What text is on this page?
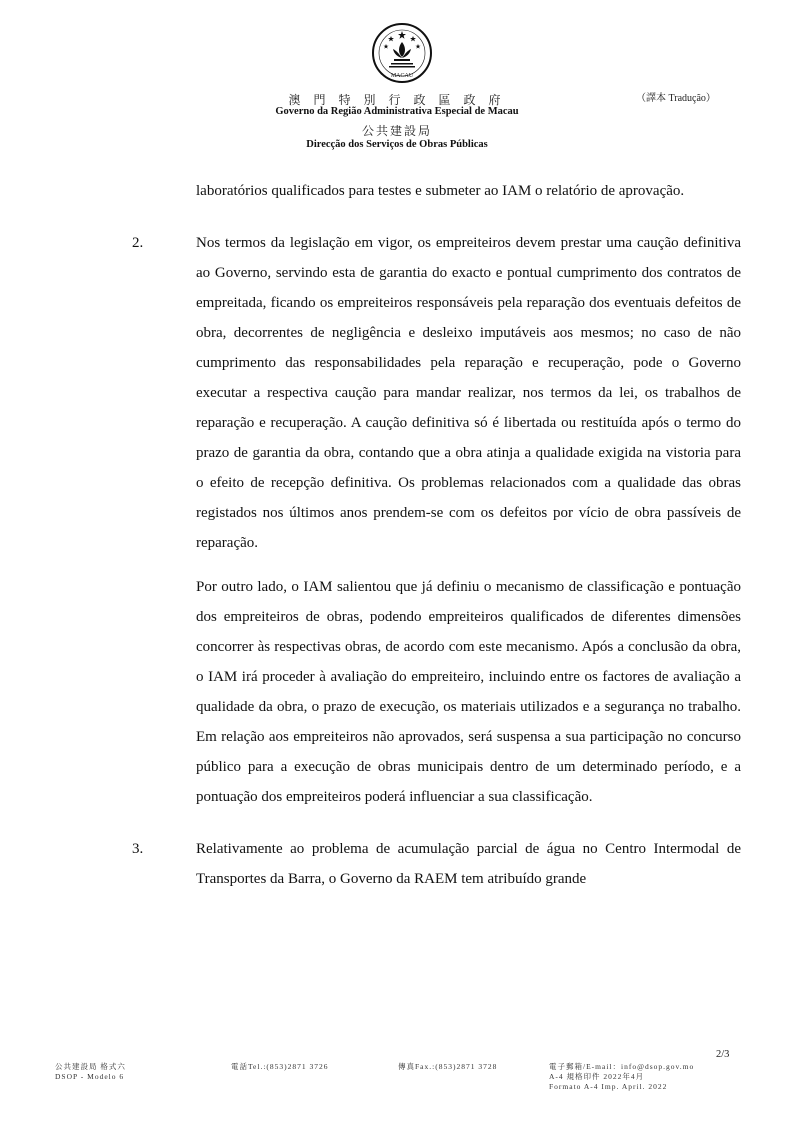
MACAU
澳 門 特 別 行 政 區 政 府
Governo da Região Administrativa Especial de Macau
公共建設局
Direcção dos Serviços de Obras Públicas
（譯本 Tradução）

laboratórios qualificados para testes e submeter ao IAM o relatório de aprovação.

2.	Nos termos da legislação em vigor, os empreiteiros devem prestar uma caução definitiva ao Governo, servindo esta de garantia do exacto e pontual cumprimento dos contratos de empreitada, ficando os empreiteiros responsáveis pela reparação dos eventuais defeitos de obra, decorrentes de negligência e desleixo imputáveis aos mesmos; no caso de não cumprimento das responsabilidades pela reparação e recuperação, pode o Governo executar a respectiva caução para mandar realizar, nos termos da lei, os trabalhos de reparação e recuperação. A caução definitiva só é libertada ou restituída após o termo do prazo de garantia da obra, contando que a obra atinja a qualidade exigida na vistoria para o efeito de recepção definitiva. Os problemas relacionados com a qualidade das obras registados nos últimos anos prendem-se com os defeitos por vício de obra passíveis de reparação.

Por outro lado, o IAM salientou que já definiu o mecanismo de classificação e pontuação dos empreiteiros de obras, podendo empreiteiros qualificados de diferentes dimensões concorrer às respectivas obras, de acordo com este mecanismo. Após a conclusão da obra, o IAM irá proceder à avaliação do empreiteiro, incluindo entre os factores de avaliação a qualidade da obra, o prazo de execução, os materiais utilizados e a segurança no trabalho. Em relação aos empreiteiros não aprovados, será suspensa a sua participação no concurso público para a execução de obras municipais dentro de um determinado período, e a pontuação dos empreiteiros poderá influenciar a sua classificação.

3.	Relativamente ao problema de acumulação parcial de água no Centro Intermodal de Transportes da Barra, o Governo da RAEM tem atribuído grande

2/3
公共建設局 格式六
DSOP - Modelo 6
電話Tel.:(853)2871 3726	傳真Fax.:(853)2871 3728	電子郵箱/E-mail：info@dsop.gov.mo
A-4 規格印件 2022年4月
Formato A-4 Imp. April. 2022
